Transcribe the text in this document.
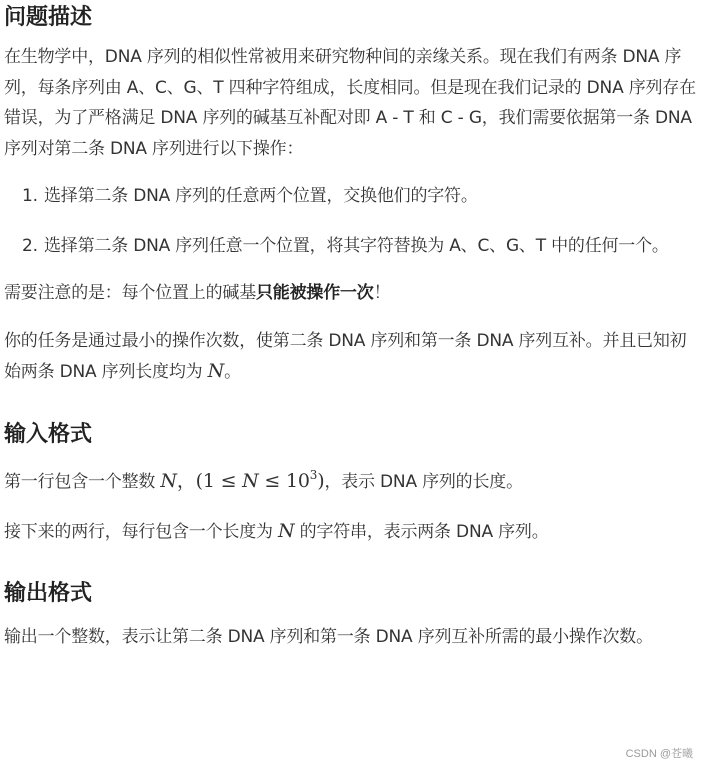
问题描述

在生物学中，DNA 序列的相似性常被用来研究物种间的亲缘关系。现在我们有两条 DNA 序列，每条序列由 A、C、G、T 四种字符组成，长度相同。但是现在我们记录的 DNA 序列存在错误，为了严格满足 DNA 序列的碱基互补配对即 A - T 和 C - G，我们需要依据第一条 DNA 序列对第二条 DNA 序列进行以下操作：

1. 选择第二条 DNA 序列的任意两个位置，交换他们的字符。
2. 选择第二条 DNA 序列任意一个位置，将其字符替换为 A、C、G、T 中的任何一个。

需要注意的是：每个位置上的碱基只能被操作一次！

你的任务是通过最小的操作次数，使第二条 DNA 序列和第一条 DNA 序列互补。并且已知初始两条 DNA 序列长度均为 N。

输入格式

第一行包含一个整数 N，$(1 \le N \le 10^3)$，表示 DNA 序列的长度。

接下来的两行，每行包含一个长度为 N 的字符串，表示两条 DNA 序列。

输出格式

输出一个整数，表示让第二条 DNA 序列和第一条 DNA 序列互补所需的最小操作次数。

CSDN @苍曦
